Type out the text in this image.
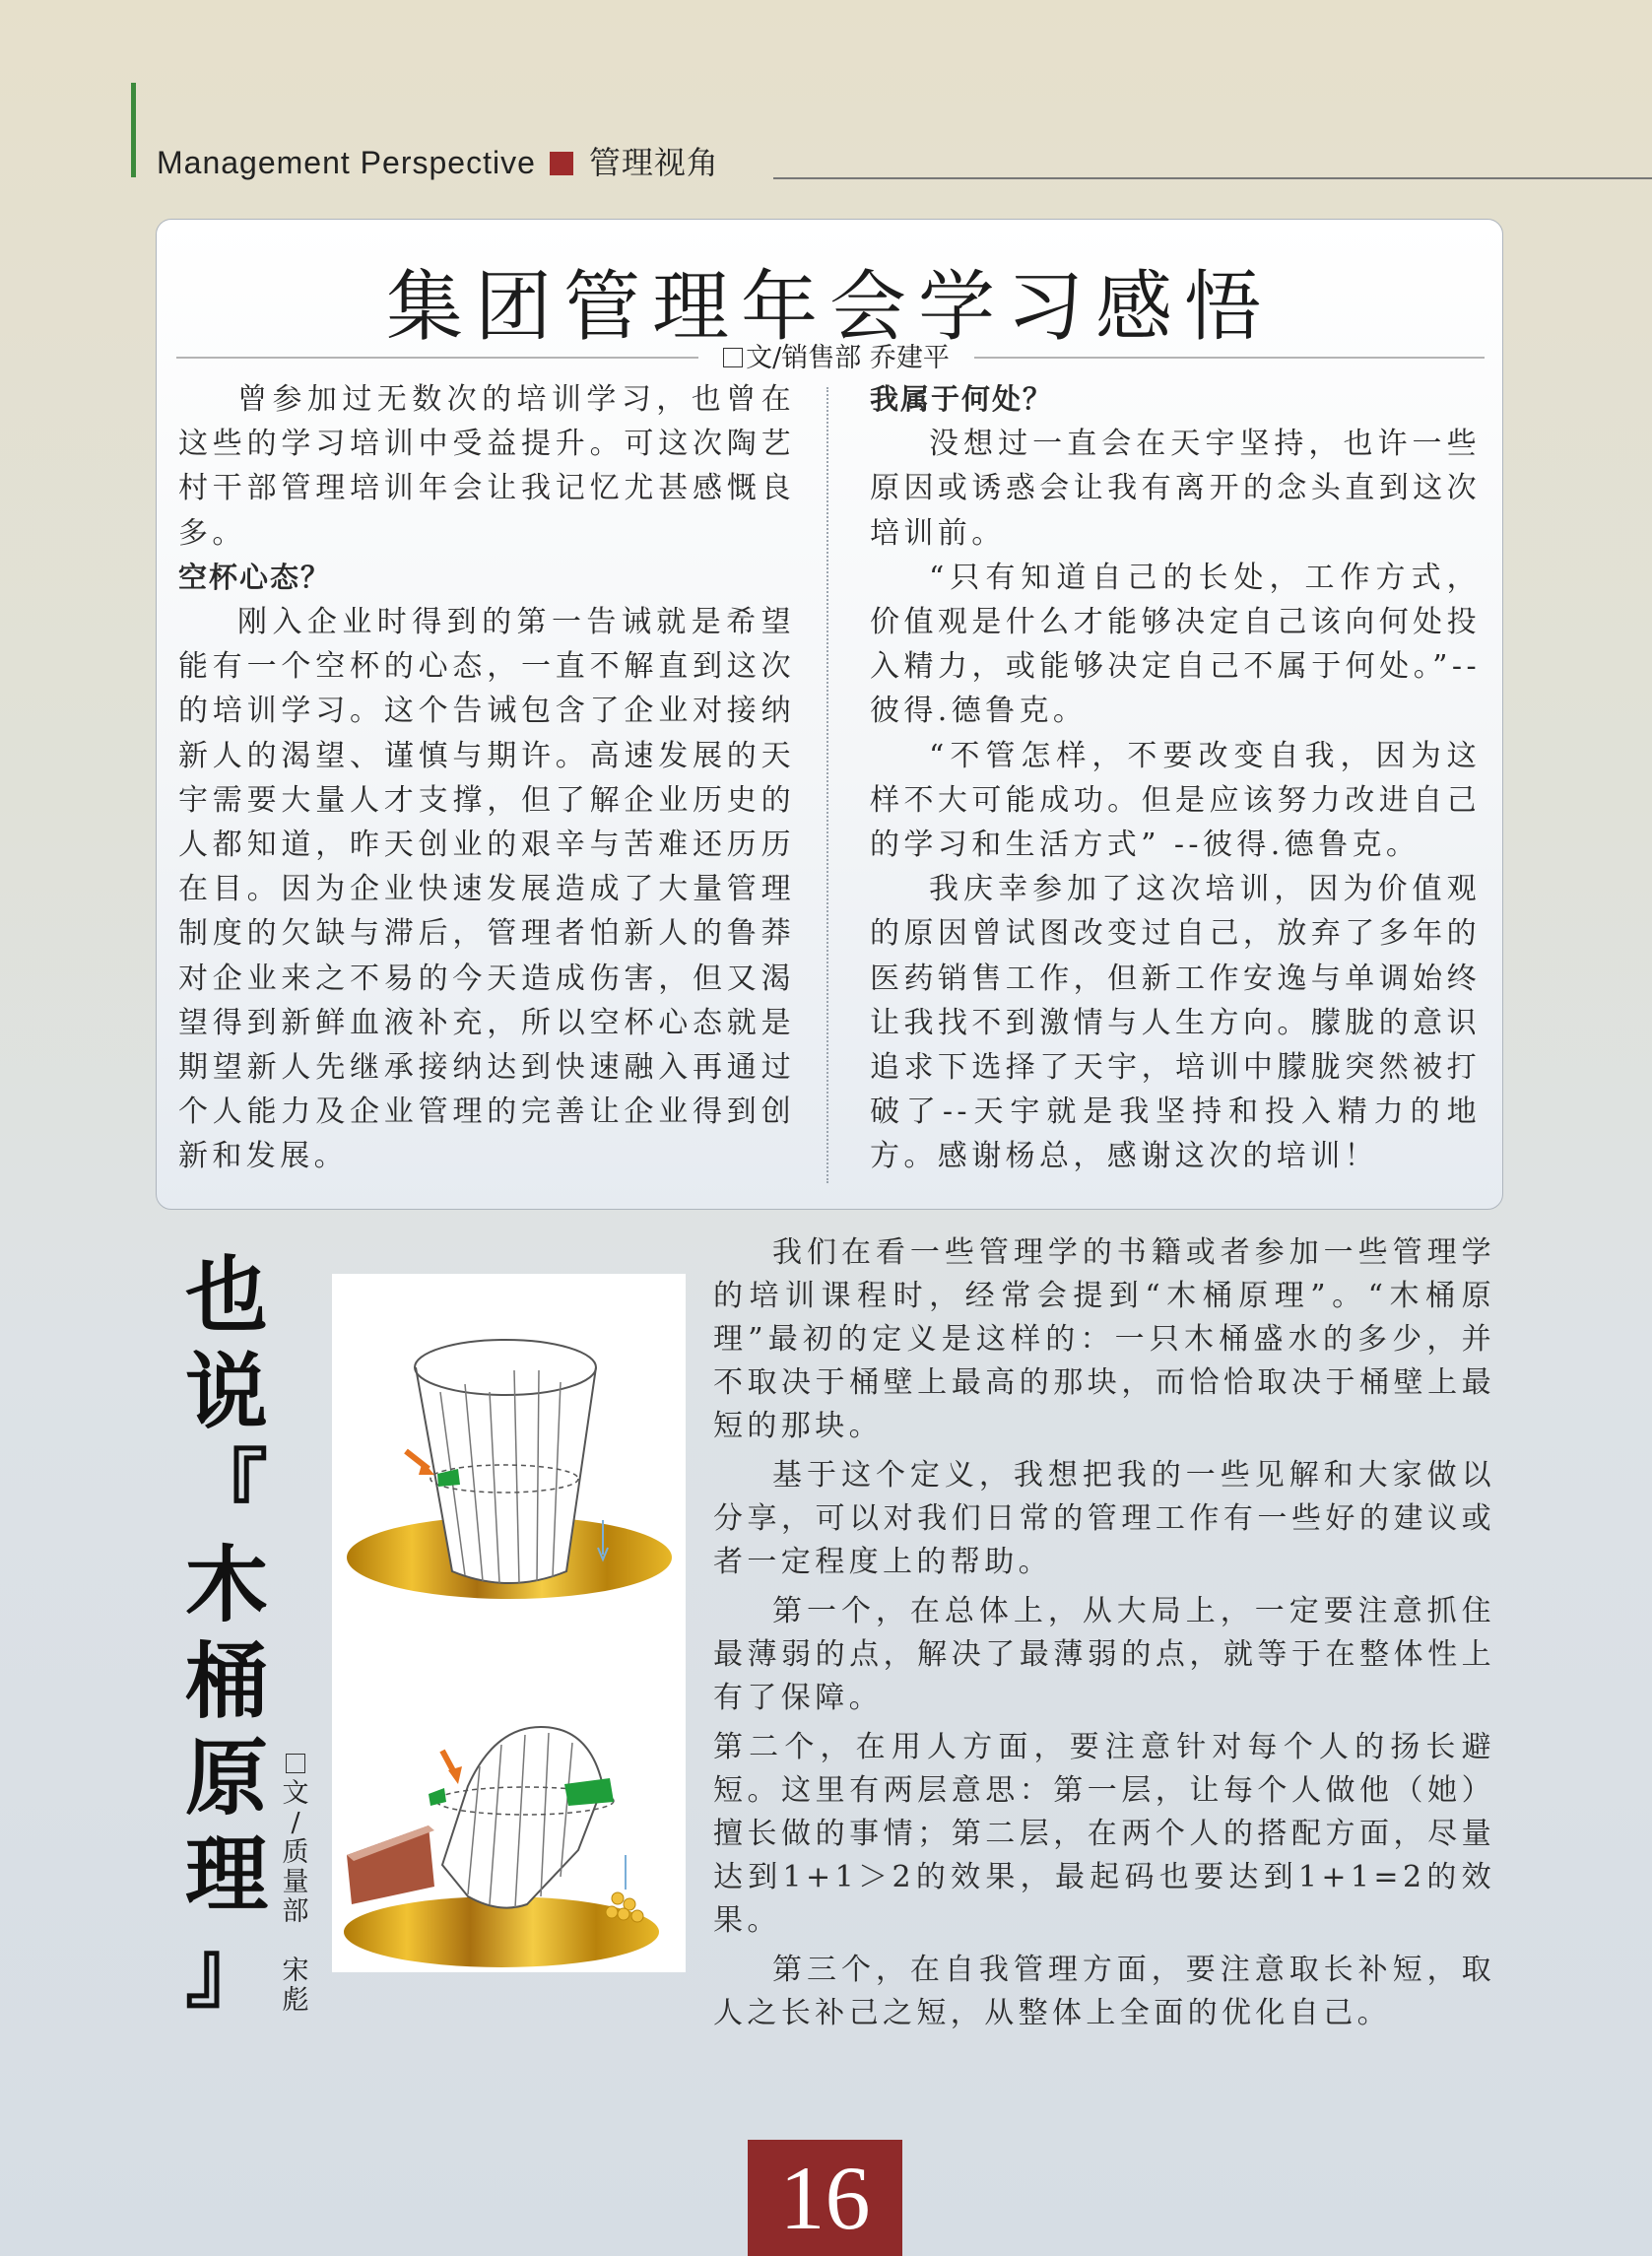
Management Perspective 管理视角
集团管理年会学习感悟
文/销售部 乔建平

曾参加过无数次的培训学习，也曾在这些的学习培训中受益提升。可这次陶艺村干部管理培训年会让我记忆尤甚感慨良多。

空杯心态？

刚入企业时得到的第一告诫就是希望能有一个空杯的心态，一直不解直到这次的培训学习。这个告诫包含了企业对接纳新人的渴望、谨慎与期许。高速发展的天宇需要大量人才支撑，但了解企业历史的人都知道，昨天创业的艰辛与苦难还历历在目。因为企业快速发展造成了大量管理制度的欠缺与滞后，管理者怕新人的鲁莽对企业来之不易的今天造成伤害，但又渴望得到新鲜血液补充，所以空杯心态就是期望新人先继承接纳达到快速融入再通过个人能力及企业管理的完善让企业得到创新和发展。

我属于何处？

没想过一直会在天宇坚持，也许一些原因或诱惑会让我有离开的念头直到这次培训前。

“只有知道自己的长处，工作方式，价值观是什么才能够决定自己该向何处投入精力，或能够决定自己不属于何处。”--彼得.德鲁克。

“不管怎样，不要改变自我，因为这样不大可能成功。但是应该努力改进自己的学习和生活方式” --彼得.德鲁克。

我庆幸参加了这次培训，因为价值观的原因曾试图改变过自己，放弃了多年的医药销售工作，但新工作安逸与单调始终让我找不到激情与人生方向。朦胧的意识追求下选择了天宇，培训中朦胧突然被打破了--天宇就是我坚持和投入精力的地方。感谢杨总，感谢这次的培训！

也
说
『
木
桶
原
理
』
文
/
质
量
部
宋
彪

我们在看一些管理学的书籍或者参加一些管理学的培训课程时，经常会提到“木桶原理”。“木桶原理”最初的定义是这样的：一只木桶盛水的多少，并不取决于桶壁上最高的那块，而恰恰取决于桶壁上最短的那块。

基于这个定义，我想把我的一些见解和大家做以分享，可以对我们日常的管理工作有一些好的建议或者一定程度上的帮助。

第一个，在总体上，从大局上，一定要注意抓住最薄弱的点，解决了最薄弱的点，就等于在整体性上有了保障。

第二个，在用人方面，要注意针对每个人的扬长避短。这里有两层意思：第一层，让每个人做他（她）擅长做的事情；第二层，在两个人的搭配方面，尽量达到1+1＞2的效果，最起码也要达到1+1=2的效果。

第三个，在自我管理方面，要注意取长补短，取人之长补己之短，从整体上全面的优化自己。

16
